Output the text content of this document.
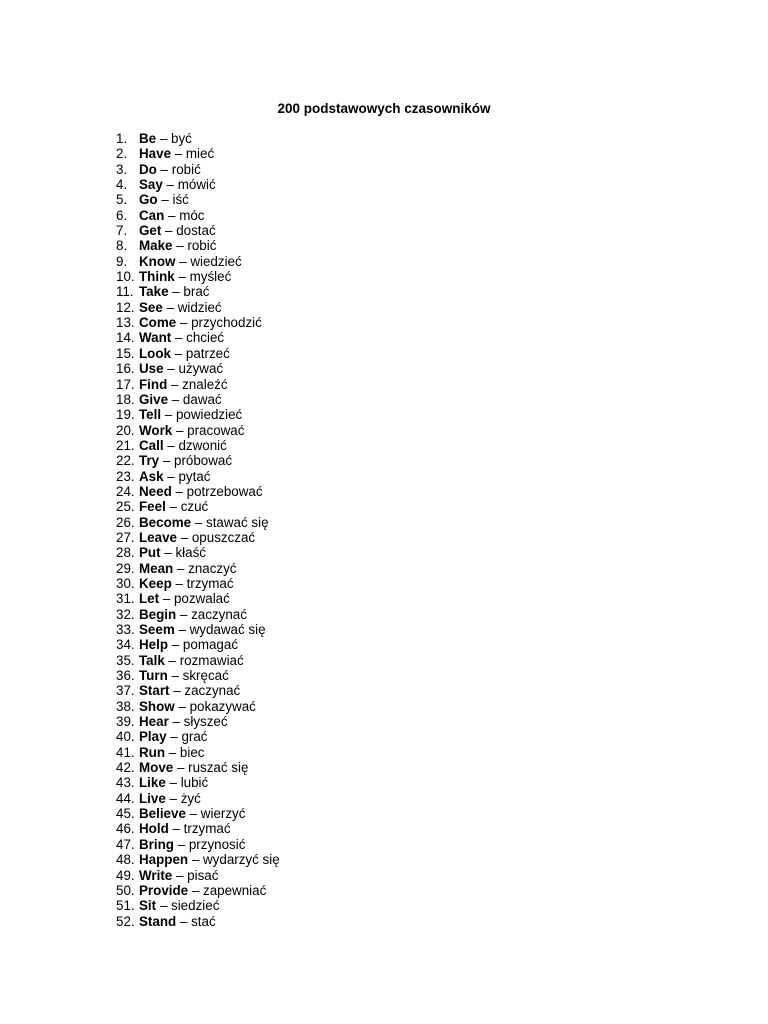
200 podstawowych czasowników
1. Be – być
2. Have – mieć
3. Do – robić
4. Say – mówić
5. Go – iść
6. Can – móc
7. Get – dostać
8. Make – robić
9. Know – wiedzieć
10. Think – myśleć
11. Take – brać
12. See – widzieć
13. Come – przychodzić
14. Want – chcieć
15. Look – patrzeć
16. Use – używać
17. Find – znaleźć
18. Give – dawać
19. Tell – powiedzieć
20. Work – pracować
21. Call – dzwonić
22. Try – próbować
23. Ask – pytać
24. Need – potrzebować
25. Feel – czuć
26. Become – stawać się
27. Leave – opuszczać
28. Put – kłaść
29. Mean – znaczyć
30. Keep – trzymać
31. Let – pozwalać
32. Begin – zaczynać
33. Seem – wydawać się
34. Help – pomagać
35. Talk – rozmawiać
36. Turn – skręcać
37. Start – zaczynać
38. Show – pokazywać
39. Hear – słyszeć
40. Play – grać
41. Run – biec
42. Move – ruszać się
43. Like – lubić
44. Live – żyć
45. Believe – wierzyć
46. Hold – trzymać
47. Bring – przynosić
48. Happen – wydarzyć się
49. Write – pisać
50. Provide – zapewniać
51. Sit – siedzieć
52. Stand – stać
